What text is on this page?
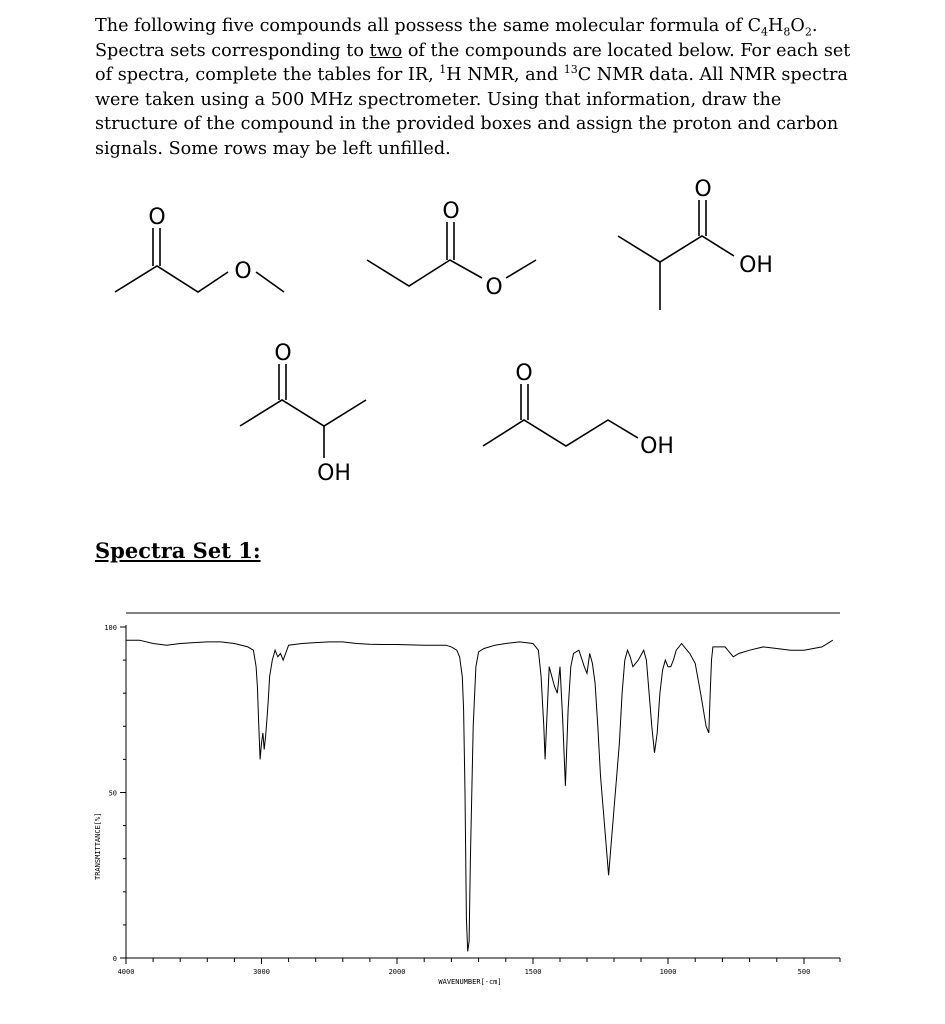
The following five compounds all possess the same molecular formula of $C_4H_8O_2$. Spectra sets corresponding to two of the compounds are located below. For each set of spectra, complete the tables for IR, $^1$H NMR, and $^{13}$C NMR data. All NMR spectra were taken using a 500 MHz spectrometer. Using that information, draw the structure of the compound in the provided boxes and assign the proton and carbon signals. Some rows may be left unfilled.
O
O
O
O
O
OH
O
OH
O
OH
Spectra Set 1:
100
50
0
4000	3000	2000	1500	1000	500
TRANSMITTANCE[%]
WAVENUMBER[-cm]
